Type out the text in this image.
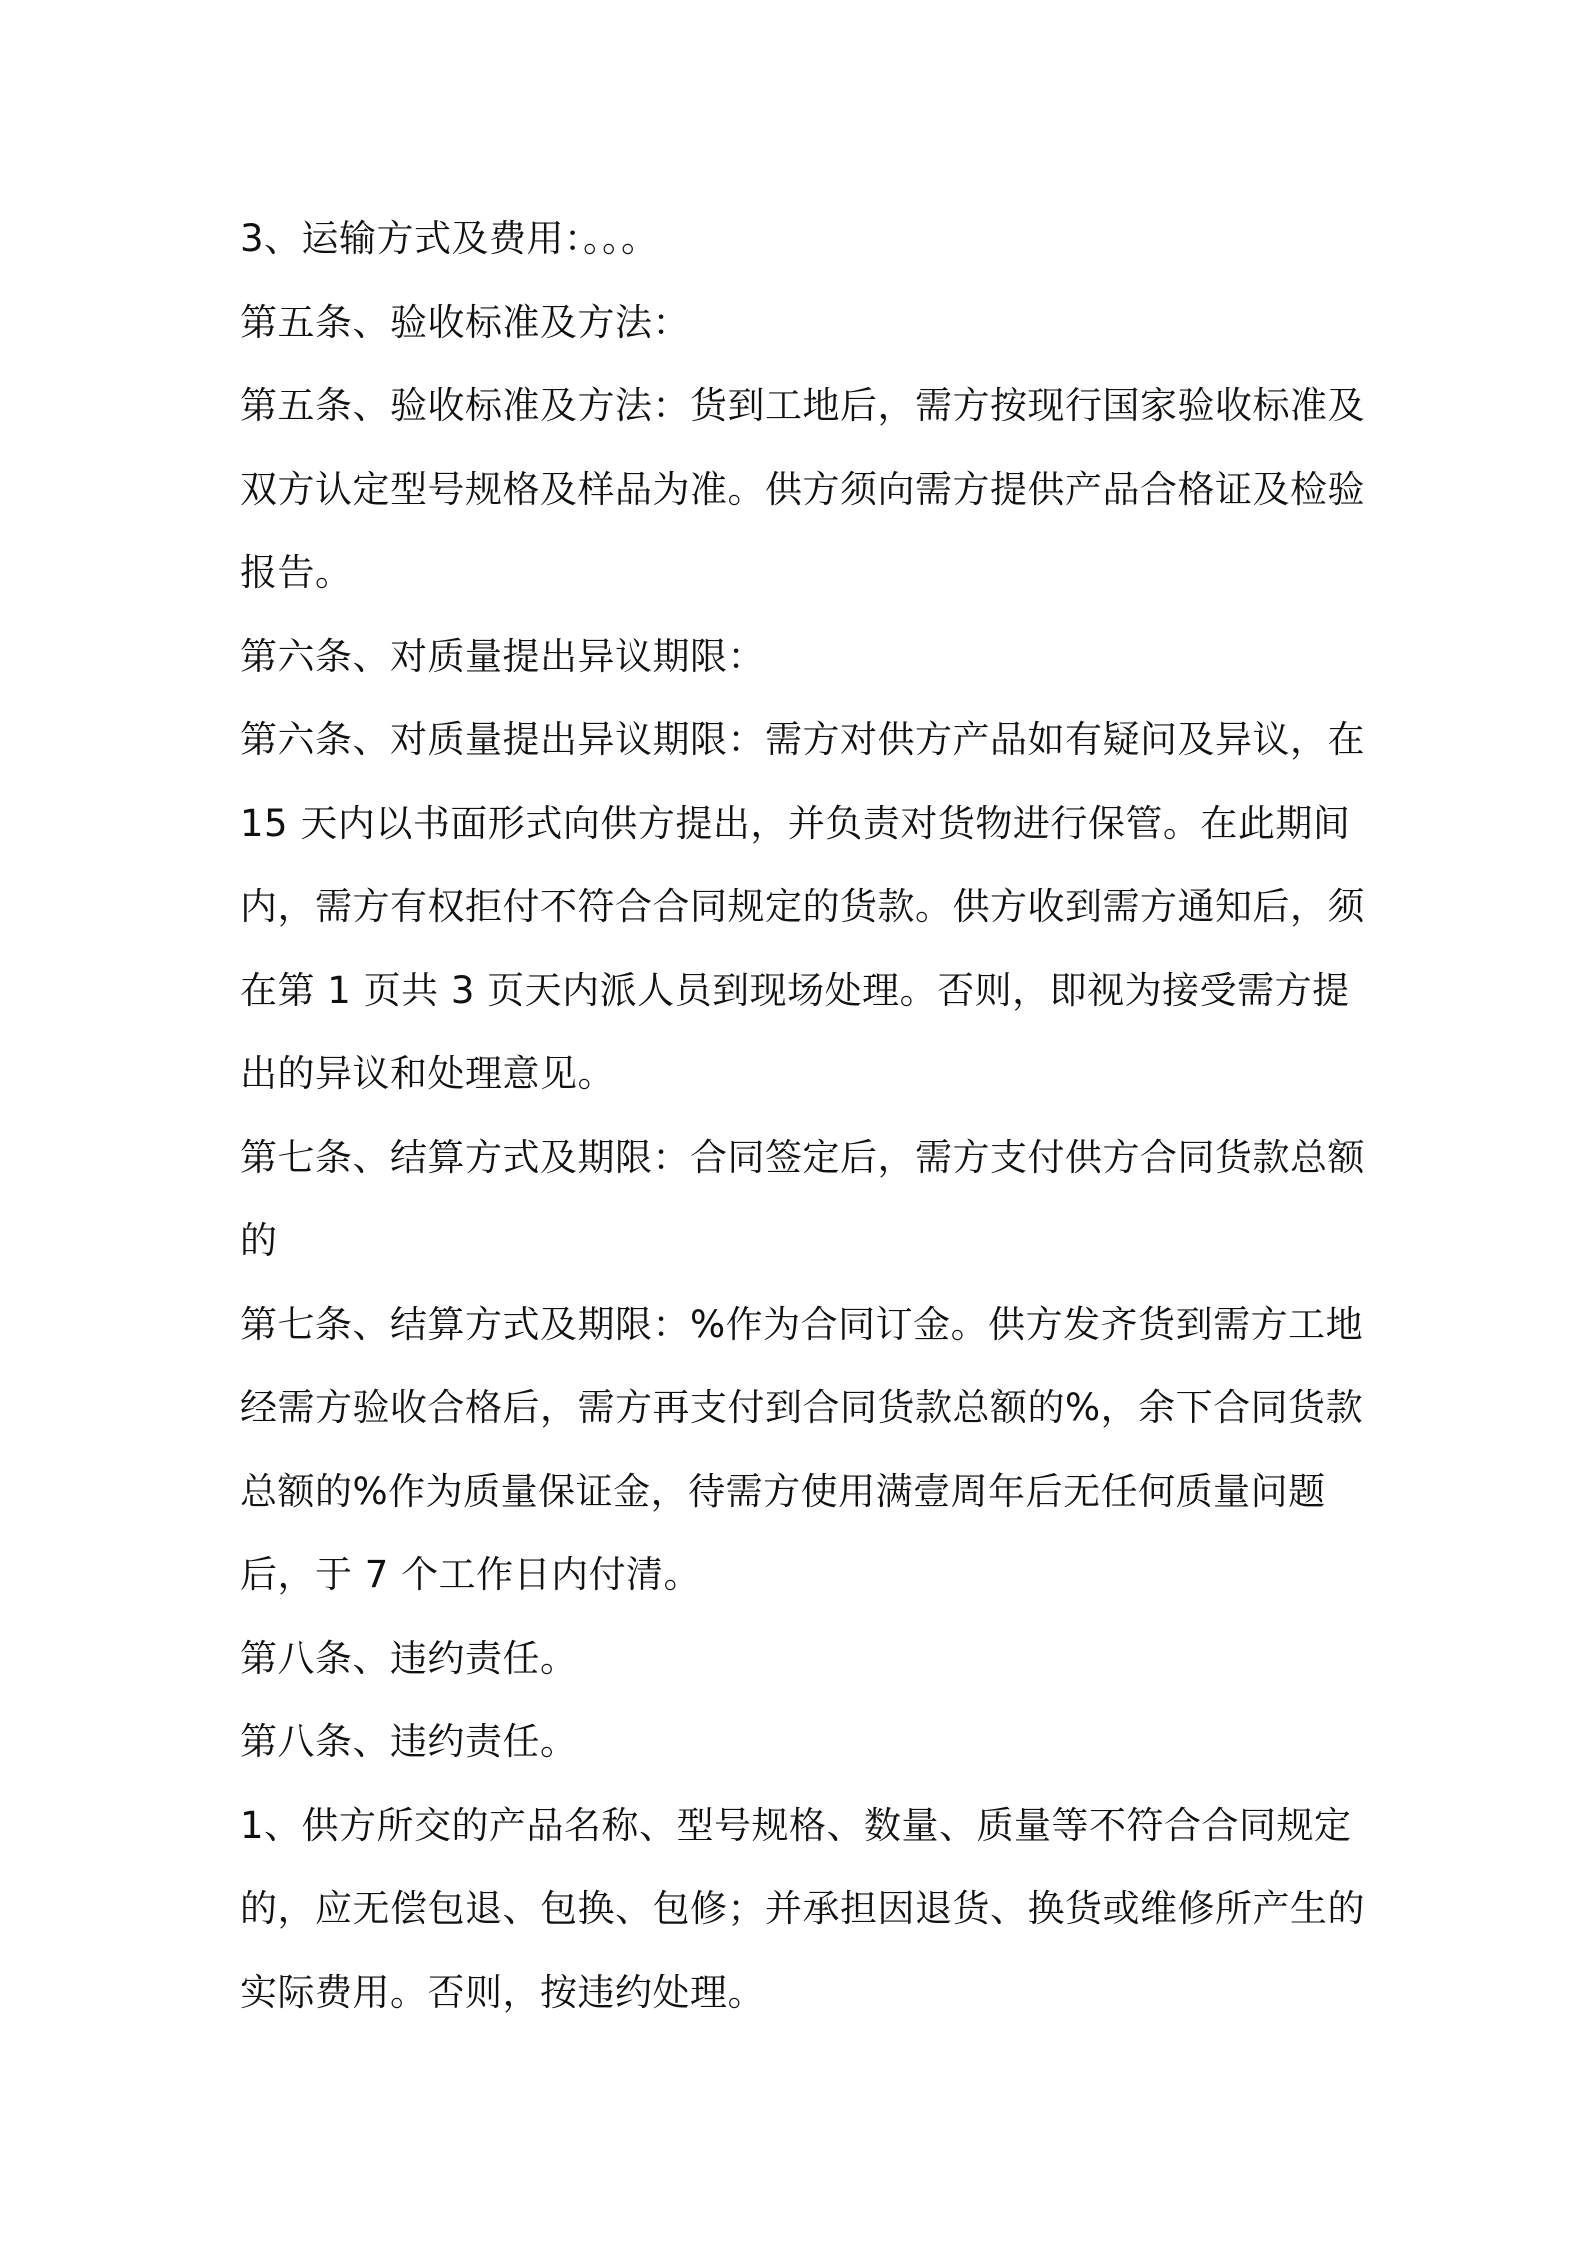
3、运输方式及费用：。。。

第五条、验收标准及方法：

第五条、验收标准及方法：货到工地后，需方按现行国家验收标准及双方认定型号规格及样品为准。供方须向需方提供产品合格证及检验报告。

第六条、对质量提出异议期限：

第六条、对质量提出异议期限：需方对供方产品如有疑问及异议，在15 天内以书面形式向供方提出，并负责对货物进行保管。在此期间内，需方有权拒付不符合合同规定的货款。供方收到需方通知后，须在第 1 页共 3 页天内派人员到现场处理。否则，即视为接受需方提出的异议和处理意见。

第七条、结算方式及期限：合同签定后，需方支付供方合同货款总额的

第七条、结算方式及期限：%作为合同订金。供方发齐货到需方工地经需方验收合格后，需方再支付到合同货款总额的%，余下合同货款总额的%作为质量保证金，待需方使用满壹周年后无任何质量问题后，于 7 个工作日内付清。

第八条、违约责任。

第八条、违约责任。

1、供方所交的产品名称、型号规格、数量、质量等不符合合同规定的，应无偿包退、包换、包修；并承担因退货、换货或维修所产生的实际费用。否则，按违约处理。
